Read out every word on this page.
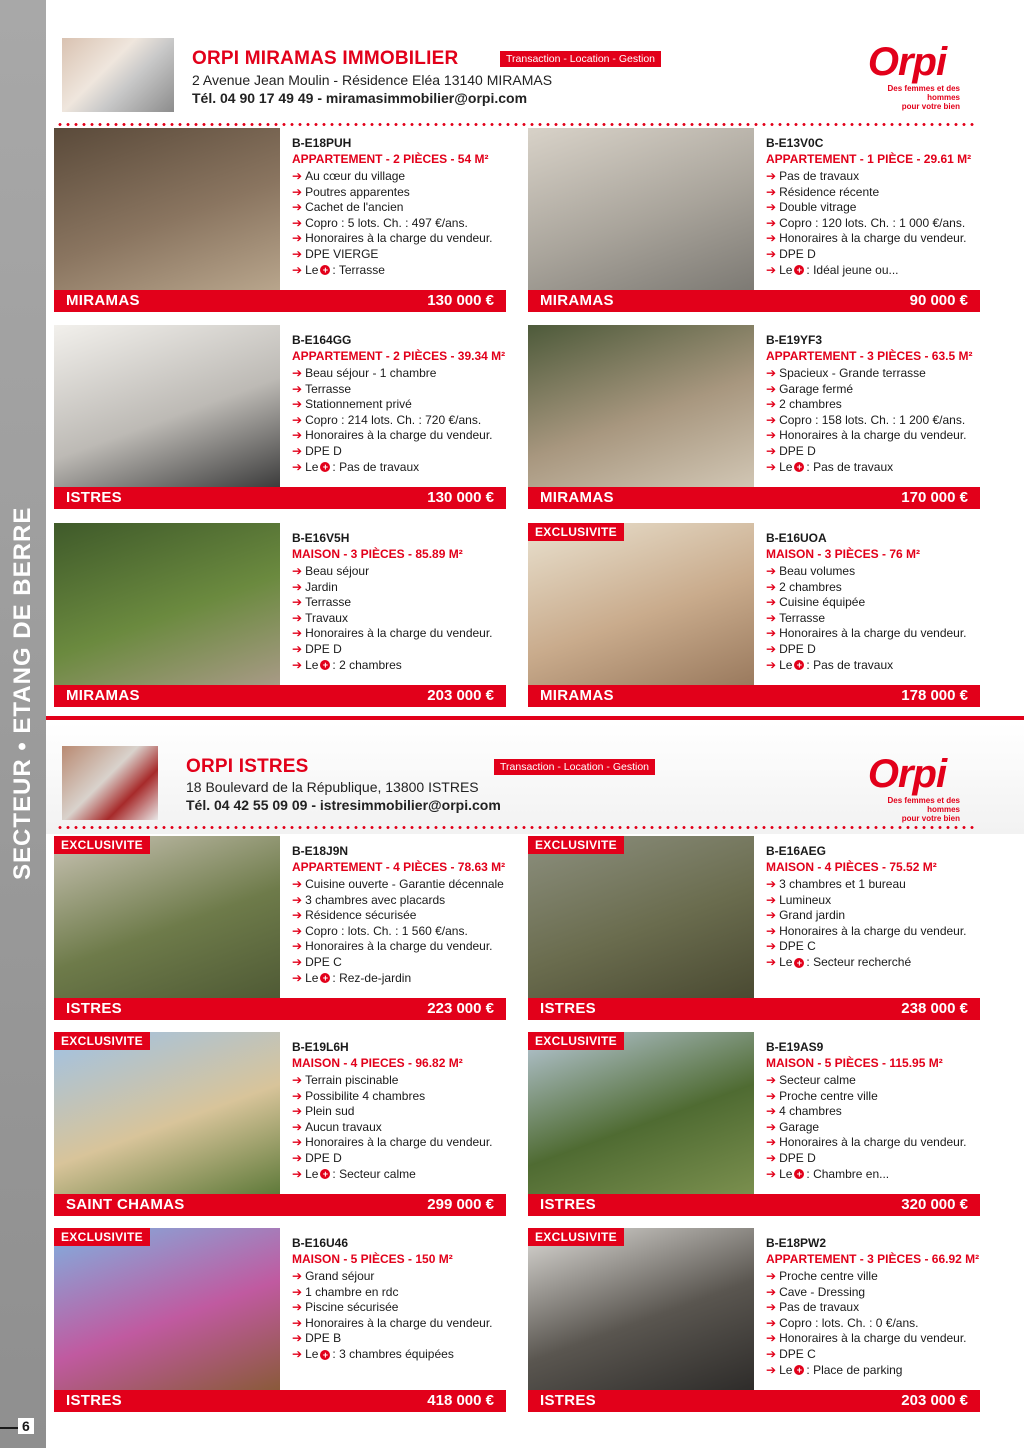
SECTEUR • ETANG DE BERRE
6
ORPI MIRAMAS IMMOBILIER	Transaction - Location - Gestion
2 Avenue Jean Moulin - Résidence Eléa 13140 MIRAMAS
Tél. 04 90 17 49 49 - miramasimmobilier@orpi.com
Orpi
Des femmes et des hommes
pour votre bien
ORPI ISTRES	Transaction - Location - Gestion
18 Boulevard de la République, 13800 ISTRES
Tél. 04 42 55 09 09 - istresimmobilier@orpi.com
Orpi
Des femmes et des hommes
pour votre bien
B-E18PUH
APPARTEMENT - 2 PIÈCES - 54 M²
➔ Au cœur du village
➔ Poutres apparentes
➔ Cachet de l'ancien
➔ Copro : 5 lots. Ch. : 497 €/ans.
➔ Honoraires à la charge du vendeur.
➔ DPE VIERGE
➔ Le + : Terrasse
MIRAMAS	130 000 €
B-E13V0C
APPARTEMENT - 1 PIÈCE - 29.61 M²
➔ Pas de travaux
➔ Résidence récente
➔ Double vitrage
➔ Copro : 120 lots. Ch. : 1 000 €/ans.
➔ Honoraires à la charge du vendeur.
➔ DPE D
➔ Le + : Idéal jeune ou...
MIRAMAS	90 000 €
B-E164GG
APPARTEMENT - 2 PIÈCES - 39.34 M²
➔ Beau séjour - 1 chambre
➔ Terrasse
➔ Stationnement privé
➔ Copro : 214 lots. Ch. : 720 €/ans.
➔ Honoraires à la charge du vendeur.
➔ DPE D
➔ Le + : Pas de travaux
ISTRES	130 000 €
B-E19YF3
APPARTEMENT - 3 PIÈCES - 63.5 M²
➔ Spacieux - Grande terrasse
➔ Garage fermé
➔ 2 chambres
➔ Copro : 158 lots. Ch. : 1 200 €/ans.
➔ Honoraires à la charge du vendeur.
➔ DPE D
➔ Le + : Pas de travaux
MIRAMAS	170 000 €
B-E16V5H
MAISON - 3 PIÈCES - 85.89 M²
➔ Beau séjour
➔ Jardin
➔ Terrasse
➔ Travaux
➔ Honoraires à la charge du vendeur.
➔ DPE D
➔ Le + : 2 chambres
MIRAMAS	203 000 €
EXCLUSIVITE	B-E16UOA
MAISON - 3 PIÈCES - 76 M²
➔ Beau volumes
➔ 2 chambres
➔ Cuisine équipée
➔ Terrasse
➔ Honoraires à la charge du vendeur.
➔ DPE D
➔ Le + : Pas de travaux
MIRAMAS	178 000 €
EXCLUSIVITE	B-E18J9N
APPARTEMENT - 4 PIÈCES - 78.63 M²
➔ Cuisine ouverte - Garantie décennale
➔ 3 chambres avec placards
➔ Résidence sécurisée
➔ Copro : lots. Ch. : 1 560 €/ans.
➔ Honoraires à la charge du vendeur.
➔ DPE C
➔ Le + : Rez-de-jardin
ISTRES	223 000 €
EXCLUSIVITE	B-E16AEG
MAISON - 4 PIÈCES - 75.52 M²
➔ 3 chambres et 1 bureau
➔ Lumineux
➔ Grand jardin
➔ Honoraires à la charge du vendeur.
➔ DPE C
➔ Le + : Secteur recherché
ISTRES	238 000 €
EXCLUSIVITE	B-E19L6H
MAISON - 4 PIECES - 96.82 M²
➔ Terrain piscinable
➔ Possibilite 4 chambres
➔ Plein sud
➔ Aucun travaux
➔ Honoraires à la charge du vendeur.
➔ DPE D
➔ Le + : Secteur calme
SAINT CHAMAS	299 000 €
EXCLUSIVITE	B-E19AS9
MAISON - 5 PIÈCES - 115.95 M²
➔ Secteur calme
➔ Proche centre ville
➔ 4 chambres
➔ Garage
➔ Honoraires à la charge du vendeur.
➔ DPE D
➔ Le + : Chambre en...
ISTRES	320 000 €
EXCLUSIVITE	B-E16U46
MAISON - 5 PIÈCES - 150 M²
➔ Grand séjour
➔ 1 chambre en rdc
➔ Piscine sécurisée
➔ Honoraires à la charge du vendeur.
➔ DPE B
➔ Le + : 3 chambres équipées
ISTRES	418 000 €
EXCLUSIVITE	B-E18PW2
APPARTEMENT - 3 PIÈCES - 66.92 M²
➔ Proche centre ville
➔ Cave - Dressing
➔ Pas de travaux
➔ Copro : lots. Ch. : 0 €/ans.
➔ Honoraires à la charge du vendeur.
➔ DPE C
➔ Le + : Place de parking
ISTRES	203 000 €
